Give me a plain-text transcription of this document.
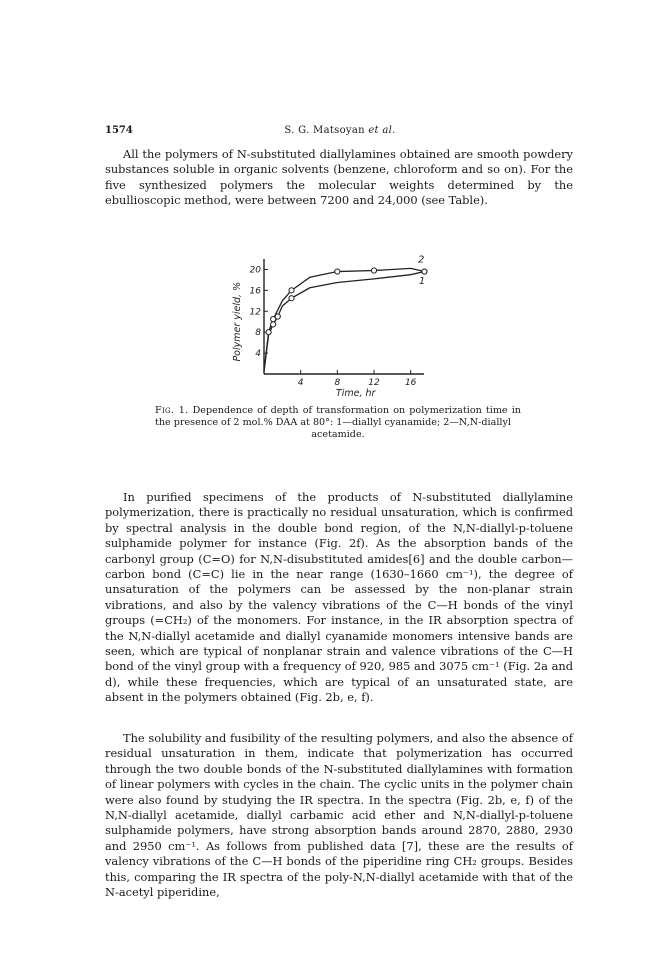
1574	S. G. Matsoyan et al.

All the polymers of N-substituted diallylamines obtained are smooth powdery substances soluble in organic solvents (benzene, chloroform and so on). For the five synthesized polymers the molecular weights determined by the ebullioscopic method, were between 7200 and 24,000 (see Table).

4	8	12	16
4
8
12
16
20
2
1
Time, hr
Polymer yield, %

Fig. 1. Dependence of depth of transformation on polymerization time in the presence of 2 mol.% DAA at 80°: 1—diallyl cyanamide; 2—N,N-diallyl
acetamide.

In purified specimens of the products of N-substituted diallylamine polymerization, there is practically no residual unsaturation, which is confirmed by spectral analysis in the double bond region, of the N,N-diallyl-p-toluene sulphamide polymer for instance (Fig. 2f). As the absorption bands of the carbonyl group (C=O) for N,N-disubstituted amides[6] and the double carbon—carbon bond (C=C) lie in the near range (1630–1660 cm⁻¹), the degree of unsaturation of the polymers can be assessed by the non-planar strain vibrations, and also by the valency vibrations of the C—H bonds of the vinyl groups (=CH₂) of the monomers. For instance, in the IR absorption spectra of the N,N-diallyl acetamide and diallyl cyanamide monomers intensive bands are seen, which are typical of nonplanar strain and valence vibrations of the C—H bond of the vinyl group with a frequency of 920, 985 and 3075 cm⁻¹ (Fig. 2a and d), while these frequencies, which are typical of an unsaturated state, are absent in the polymers obtained (Fig. 2b, e, f).

The solubility and fusibility of the resulting polymers, and also the absence of residual unsaturation in them, indicate that polymerization has occurred through the two double bonds of the N-substituted diallylamines with formation of linear polymers with cycles in the chain. The cyclic units in the polymer chain were also found by studying the IR spectra. In the spectra (Fig. 2b, e, f) of the N,N-diallyl acetamide, diallyl carbamic acid ether and N,N-diallyl-p-toluene sulphamide polymers, have strong absorption bands around 2870, 2880, 2930 and 2950 cm⁻¹. As follows from published data [7], these are the results of valency vibrations of the C—H bonds of the piperidine ring CH₂ groups. Besides this, comparing the IR spectra of the poly-N,N-diallyl acetamide with that of the N-acetyl piperidine,
